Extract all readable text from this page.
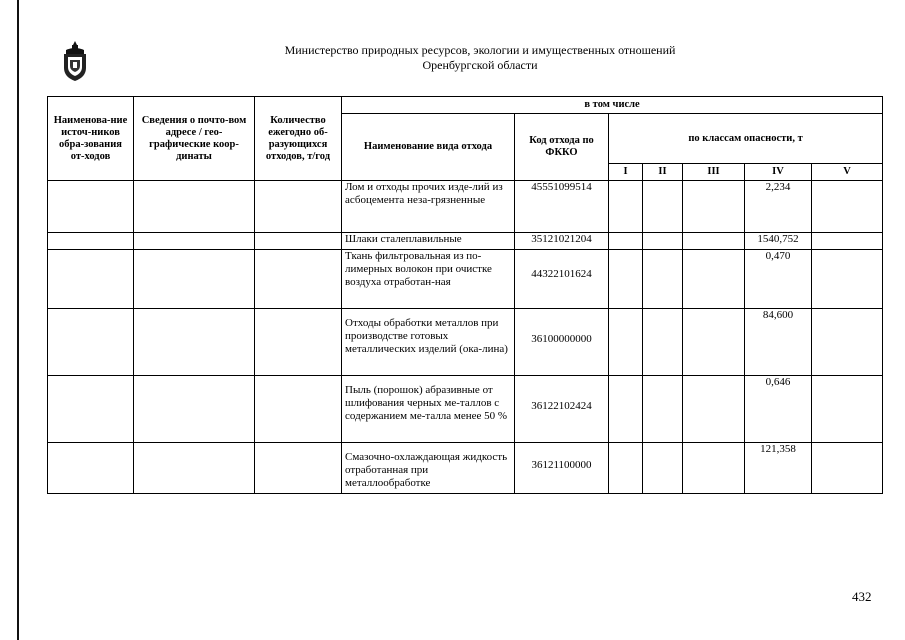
Министерство природных ресурсов, экологии и имущественных отношений
Оренбургской области
Наименова-ние источ-ников обра-зования от-ходов	Сведения о почто-вом адресе / гео-графические коор-динаты	Количество ежегодно об-разующихся отходов, т/год	в том числе						
			Наименование вида отхода	Код отхода по ФККО	по классам опасности, т				
					I	II	III	IV	V
			Лом и отходы прочих изде-лий из асбоцемента неза-грязненные	45551099514				2,234	
			Шлаки сталеплавильные	35121021204				1540,752	
			Ткань фильтровальная из по-лимерных волокон при очистке воздуха отработан-ная	44322101624				0,470	
			Отходы обработки металлов при производстве готовых металлических изделий (ока-лина)	36100000000				84,600	
			Пыль (порошок) абразивные от шлифования черных ме-таллов с содержанием ме-талла менее 50 %	36122102424				0,646	
			Смазочно-охлаждающая жидкость отработанная при металлообработке	36121100000				121,358	
432
